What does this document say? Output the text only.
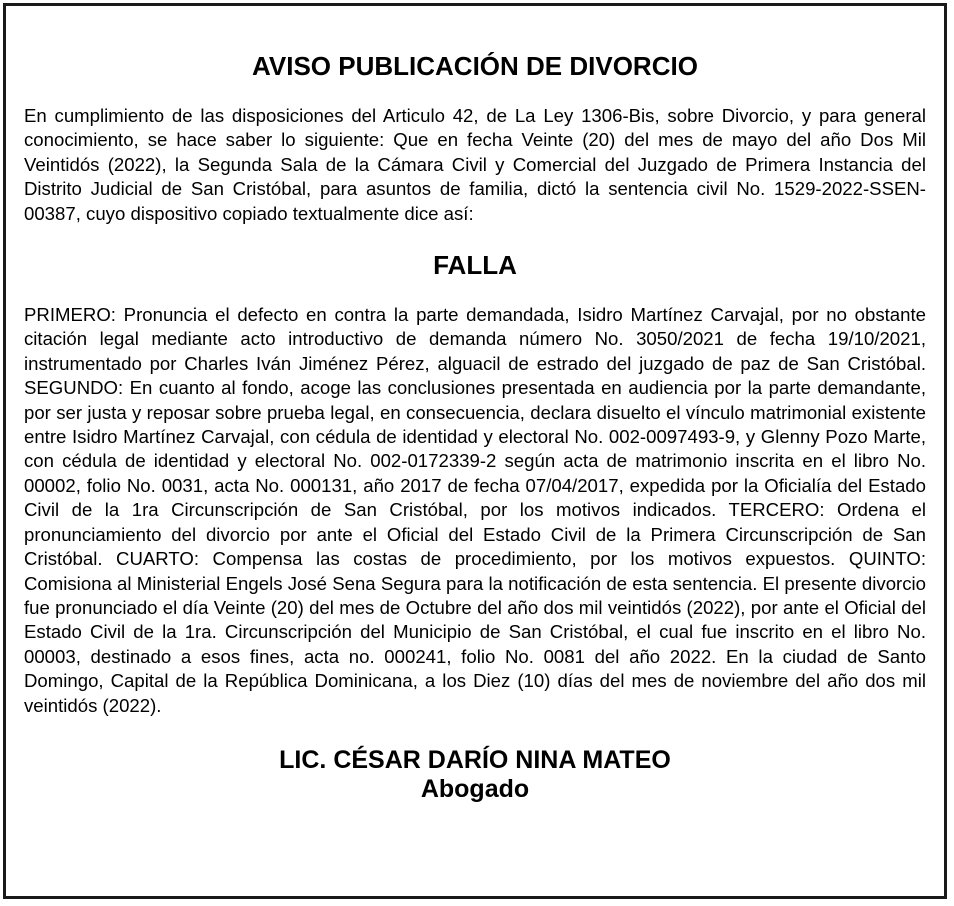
AVISO PUBLICACIÓN DE DIVORCIO

En cumplimiento de las disposiciones del Articulo 42, de La Ley 1306-Bis, sobre Divorcio, y para general conocimiento, se hace saber lo siguiente: Que en fecha Veinte (20) del mes de mayo del año Dos Mil Veintidós (2022), la Segunda Sala de la Cámara Civil y Comercial del Juzgado de Primera Instancia del Distrito Judicial de San Cristóbal, para asuntos de familia, dictó la sentencia civil No. 1529-2022-SSEN-00387, cuyo dispositivo copiado textualmente dice así:

FALLA

PRIMERO: Pronuncia el defecto en contra la parte demandada, Isidro Martínez Carvajal, por no obstante citación legal mediante acto introductivo de demanda número No. 3050/2021 de fecha 19/10/2021, instrumentado por Charles Iván Jiménez Pérez, alguacil de estrado del juzgado de paz de San Cristóbal. SEGUNDO: En cuanto al fondo, acoge las conclusiones presentada en audiencia por la parte demandante, por ser justa y reposar sobre prueba legal, en consecuencia, declara disuelto el vínculo matrimonial existente entre Isidro Martínez Carvajal, con cédula de identidad y electoral No. 002-0097493-9, y Glenny Pozo Marte, con cédula de identidad y electoral No. 002-0172339-2 según acta de matrimonio inscrita en el libro No. 00002, folio No. 0031, acta No. 000131, año 2017 de fecha 07/04/2017, expedida por la Oficialía del Estado Civil de la 1ra Circunscripción de San Cristóbal, por los motivos indicados. TERCERO: Ordena el pronunciamiento del divorcio por ante el Oficial del Estado Civil de la Primera Circunscripción de San Cristóbal. CUARTO: Compensa las costas de procedimiento, por los motivos expuestos. QUINTO: Comisiona al Ministerial Engels José Sena Segura para la notificación de esta sentencia. El presente divorcio fue pronunciado el día Veinte (20) del mes de Octubre del año dos mil veintidós (2022), por ante el Oficial del Estado Civil de la 1ra. Circunscripción del Municipio de San Cristóbal, el cual fue inscrito en el libro No. 00003, destinado a esos fines, acta no. 000241, folio No. 0081 del año 2022. En la ciudad de Santo Domingo, Capital de la República Dominicana, a los Diez (10) días del mes de noviembre del año dos mil veintidós (2022).

LIC. CÉSAR DARÍO NINA MATEO
Abogado
